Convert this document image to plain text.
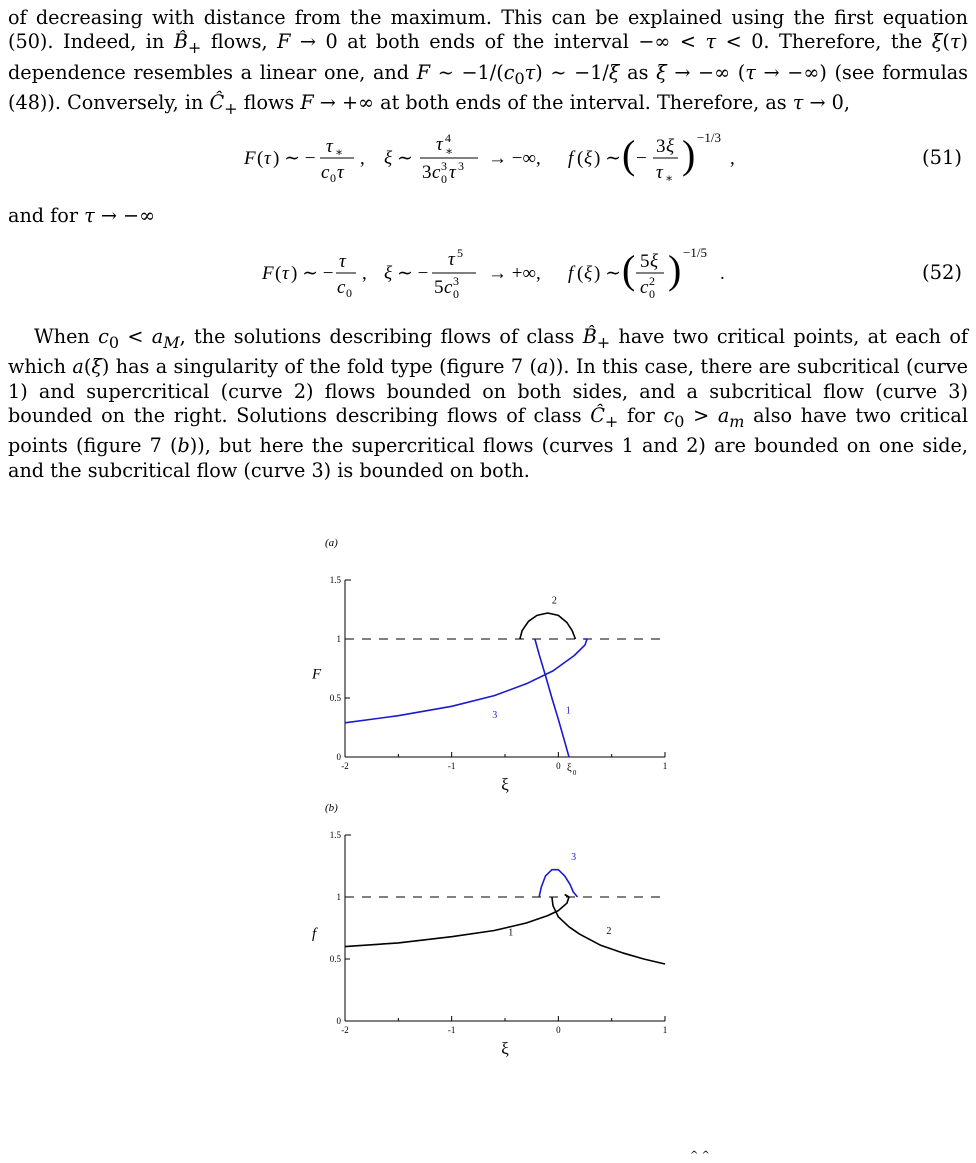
of decreasing with distance from the maximum. This can be explained using the first equation (50). Indeed, in $B̂_+$ flows, F → 0 at both ends of the interval −∞ < τ < 0. Therefore, the ξ(τ) dependence resembles a linear one, and F ∼ $-1/(c_0\tau)$ ∼ −1/ξ as ξ → −∞ (τ → −∞) (see formulas (48)). Conversely, in $Ĉ_+$ flows F → +∞ at both ends of the interval. Therefore, as τ → 0,

F ( τ ) ∼ −
τ ∗
c 0 τ
, ξ ∼
τ 4
∗
3 c 3
0 τ 3 → −∞, f ( ξ ) ∼ ( −
3 ξ
τ ∗
) −1/3
,	(51)

and for τ → −∞

F ( τ ) ∼ −
τ
c 0
, ξ ∼ −
τ 5
5 c 3
0
→ +∞, f ( ξ ) ∼ ( 5 ξ
c 2
0
) −1/5
.	(52)

When $c_0 < a_M$, the solutions describing flows of class $B̂_+$ have two critical points, at each of which a(ξ) has a singularity of the fold type (figure 7 (a)). In this case, there are subcritical (curve 1) and supercritical (curve 2) flows bounded on both sides, and a subcritical flow (curve 3) bounded on the right. Solutions describing flows of class $Ĉ_+$ for $c_0 > a_m$ also have two critical points (figure 7 (b)), but here the supercritical flows (curves 1 and 2) are bounded on one side, and the subcritical flow (curve 3) is bounded on both.

(a)
-2	-1	0	1
0
0.5
1
1.5
ξ
F
ξ 0
1
2
3
(b)
-2	-1	0	1
0
0.5
1
1.5
ξ
f	1	2
3
^ ^
